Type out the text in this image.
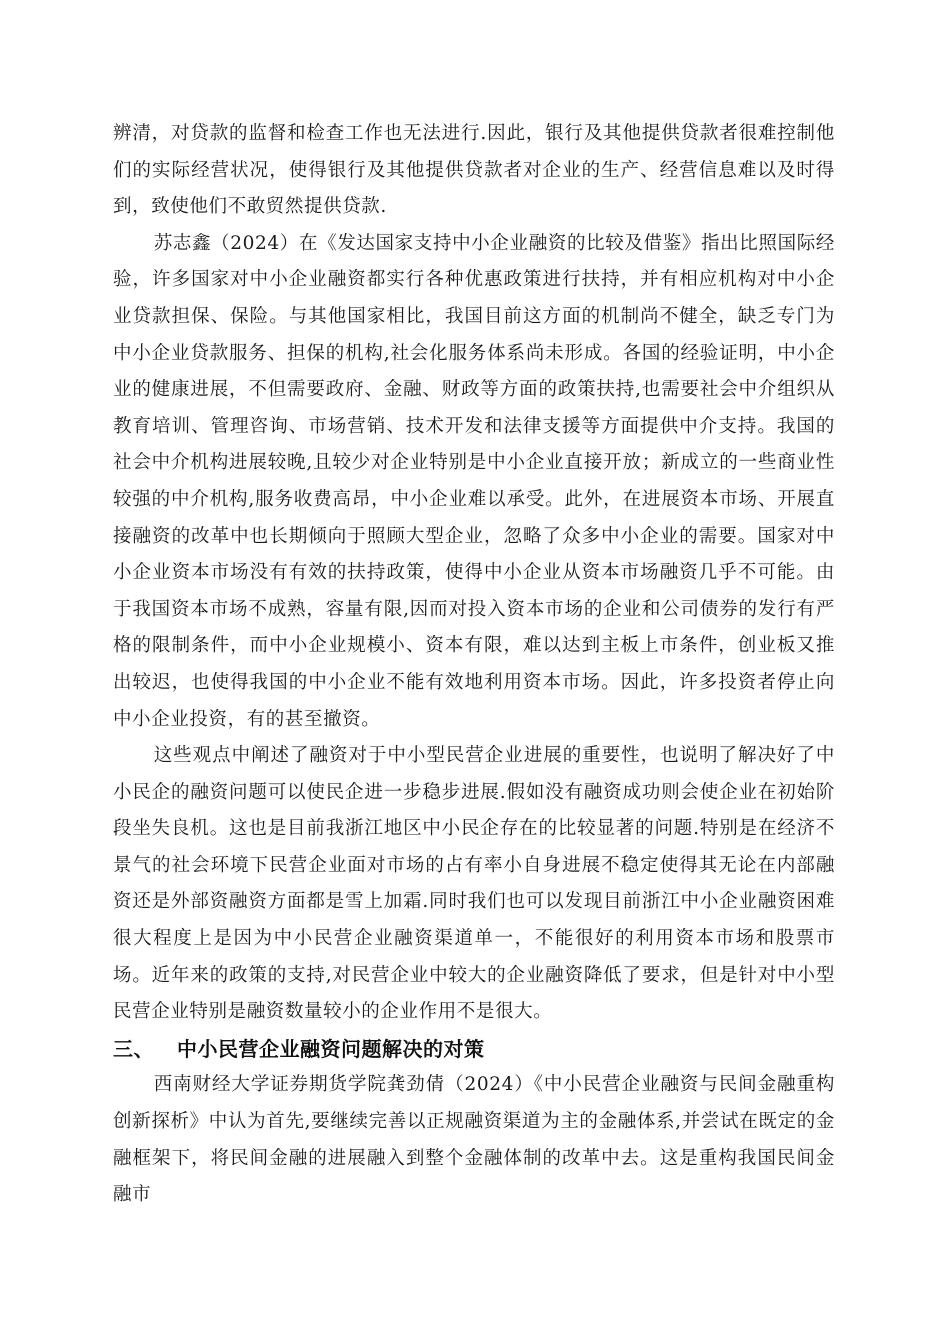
辨清，对贷款的监督和检查工作也无法进行.因此，银行及其他提供贷款者很难控制他们的实际经营状况，使得银行及其他提供贷款者对企业的生产、经营信息难以及时得到，致使他们不敢贸然提供贷款.

苏志鑫（2024）在《发达国家支持中小企业融资的比较及借鉴》指出比照国际经验，许多国家对中小企业融资都实行各种优惠政策进行扶持，并有相应机构对中小企业贷款担保、保险。与其他国家相比，我国目前这方面的机制尚不健全，缺乏专门为中小企业贷款服务、担保的机构,社会化服务体系尚未形成。各国的经验证明，中小企业的健康进展，不但需要政府、金融、财政等方面的政策扶持,也需要社会中介组织从教育培训、管理咨询、市场营销、技术开发和法律支援等方面提供中介支持。我国的社会中介机构进展较晚,且较少对企业特别是中小企业直接开放；新成立的一些商业性较强的中介机构,服务收费高昂，中小企业难以承受。此外，在进展资本市场、开展直接融资的改革中也长期倾向于照顾大型企业，忽略了众多中小企业的需要。国家对中小企业资本市场没有有效的扶持政策，使得中小企业从资本市场融资几乎不可能。由于我国资本市场不成熟，容量有限,因而对投入资本市场的企业和公司债券的发行有严格的限制条件，而中小企业规模小、资本有限，难以达到主板上市条件，创业板又推出较迟，也使得我国的中小企业不能有效地利用资本市场。因此，许多投资者停止向中小企业投资，有的甚至撤资。

这些观点中阐述了融资对于中小型民营企业进展的重要性，也说明了解决好了中小民企的融资问题可以使民企进一步稳步进展.假如没有融资成功则会使企业在初始阶段坐失良机。这也是目前我浙江地区中小民企存在的比较显著的问题.特别是在经济不景气的社会环境下民营企业面对市场的占有率小自身进展不稳定使得其无论在内部融资还是外部资融资方面都是雪上加霜.同时我们也可以发现目前浙江中小企业融资困难很大程度上是因为中小民营企业融资渠道单一，不能很好的利用资本市场和股票市场。近年来的政策的支持,对民营企业中较大的企业融资降低了要求，但是针对中小型民营企业特别是融资数量较小的企业作用不是很大。

三、 中小民营企业融资问题解决的对策

西南财经大学证券期货学院龚劲倩（2024）《中小民营企业融资与民间金融重构创新探析》中认为首先,要继续完善以正规融资渠道为主的金融体系,并尝试在既定的金融框架下，将民间金融的进展融入到整个金融体制的改革中去。这是重构我国民间金融市
